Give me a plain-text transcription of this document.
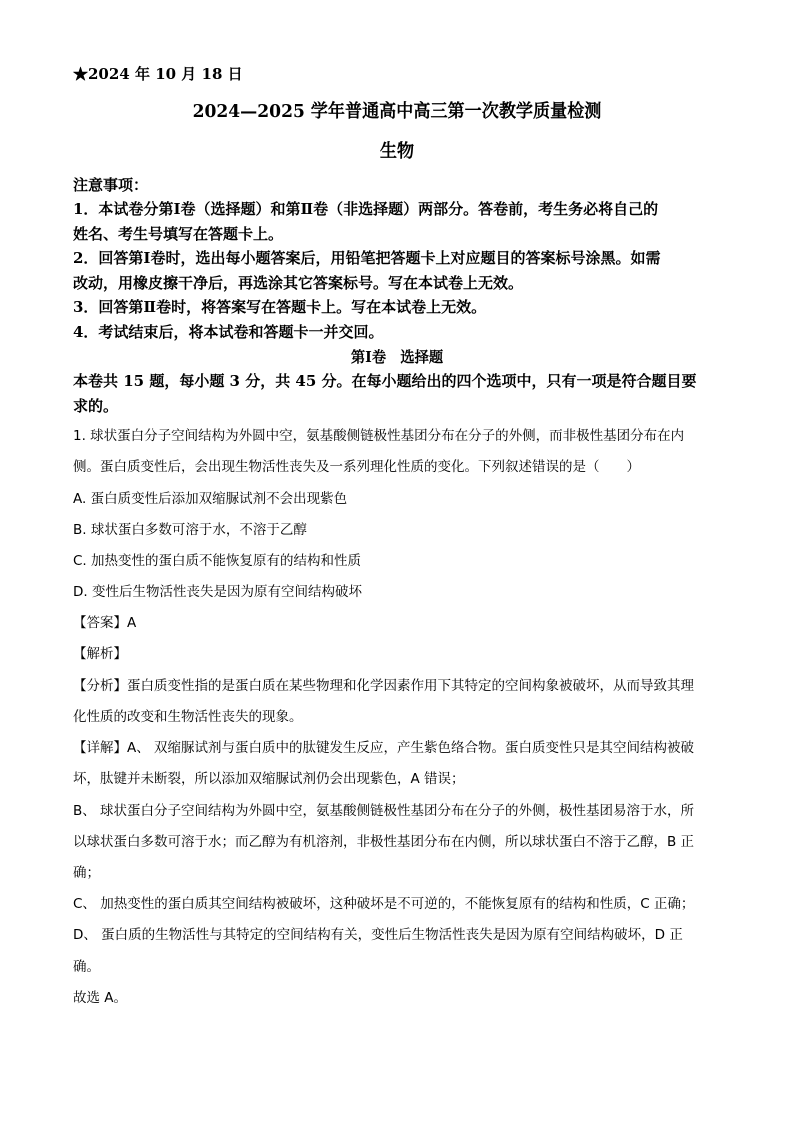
★2024 年 10 月 18 日
2024—2025 学年普通高中高三第一次教学质量检测
生物
注意事项：
1．本试卷分第Ⅰ卷（选择题）和第Ⅱ卷（非选择题）两部分。答卷前，考生务必将自己的
姓名、考生号填写在答题卡上。
2．回答第Ⅰ卷时，选出每小题答案后，用铅笔把答题卡上对应题目的答案标号涂黑。如需
改动，用橡皮擦干净后，再选涂其它答案标号。写在本试卷上无效。
3．回答第Ⅱ卷时，将答案写在答题卡上。写在本试卷上无效。
4．考试结束后，将本试卷和答题卡一并交回。
第Ⅰ卷　选择题
本卷共 15 题，每小题 3 分，共 45 分。在每小题给出的四个选项中，只有一项是符合题目要
求的。
1. 球状蛋白分子空间结构为外圆中空，氨基酸侧链极性基团分布在分子的外侧，而非极性基团分布在内
侧。蛋白质变性后，会出现生物活性丧失及一系列理化性质的变化。下列叙述错误的是（　　）
A. 蛋白质变性后添加双缩脲试剂不会出现紫色
B. 球状蛋白多数可溶于水，不溶于乙醇
C. 加热变性的蛋白质不能恢复原有的结构和性质
D. 变性后生物活性丧失是因为原有空间结构破坏
【答案】A
【解析】
【分析】蛋白质变性指的是蛋白质在某些物理和化学因素作用下其特定的空间构象被破坏，从而导致其理
化性质的改变和生物活性丧失的现象。
【详解】A、 双缩脲试剂与蛋白质中的肽键发生反应，产生紫色络合物。蛋白质变性只是其空间结构被破
坏，肽键并未断裂，所以添加双缩脲试剂仍会出现紫色，A 错误；
B、 球状蛋白分子空间结构为外圆中空，氨基酸侧链极性基团分布在分子的外侧，极性基团易溶于水，所
以球状蛋白多数可溶于水；而乙醇为有机溶剂，非极性基团分布在内侧，所以球状蛋白不溶于乙醇，B 正
确；
C、 加热变性的蛋白质其空间结构被破坏，这种破坏是不可逆的，不能恢复原有的结构和性质，C 正确；
D、 蛋白质的生物活性与其特定的空间结构有关，变性后生物活性丧失是因为原有空间结构破坏，D 正
确。
故选 A。
